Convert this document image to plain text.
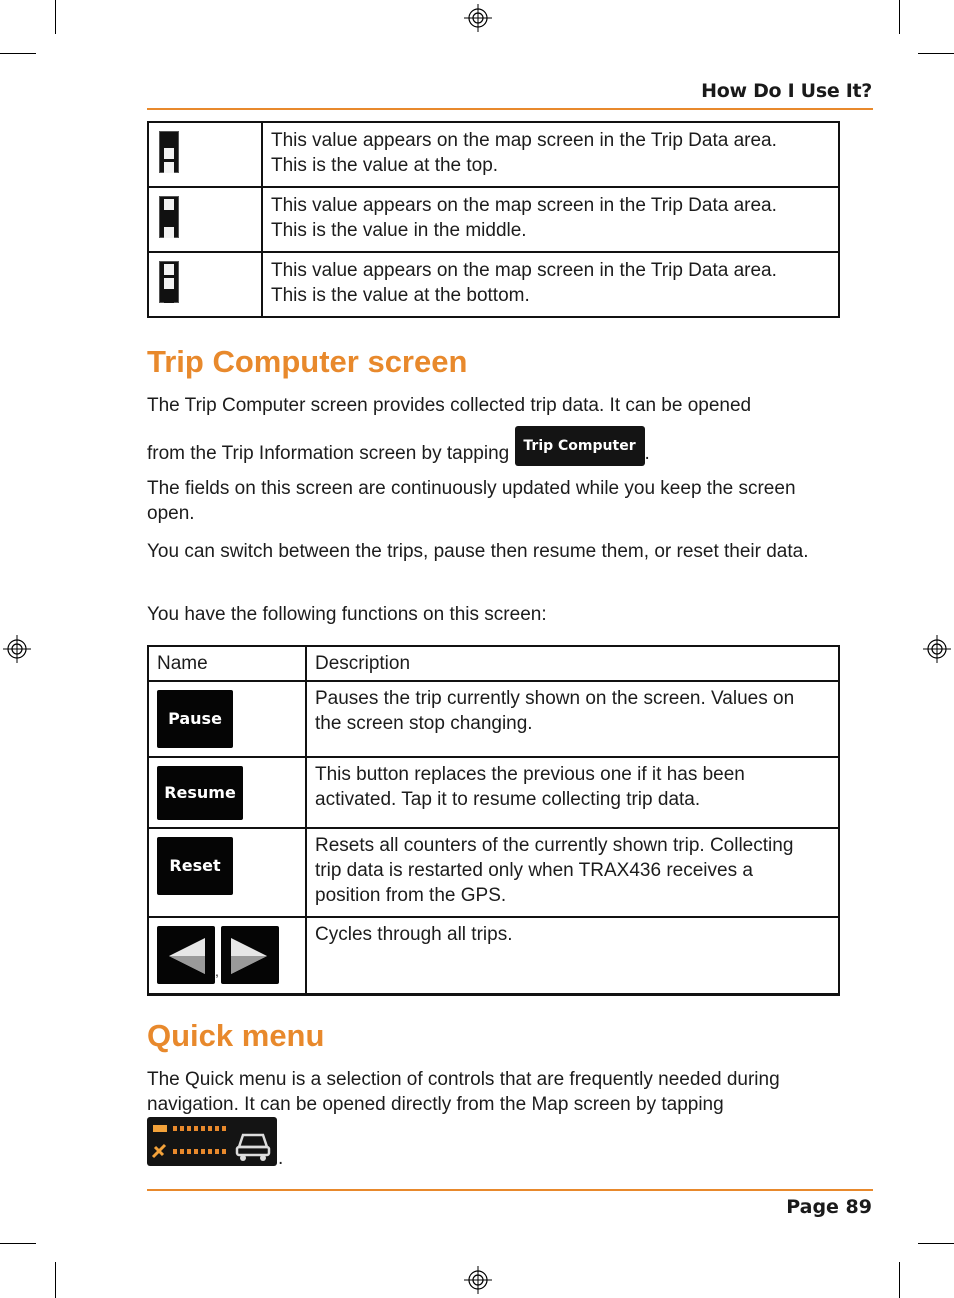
How Do I Use It?

	This value appears on the map screen in the Trip Data area.
This is the value at the top.

	This value appears on the map screen in the Trip Data area.
This is the value in the middle.

	This value appears on the map screen in the Trip Data area.
This is the value at the bottom.
Trip Computer screen
The Trip Computer screen provides collected trip data. It can be opened
from the Trip Information screen by tapping Trip Computer .
The fields on this screen are continuously updated while you keep the screen open.
You can switch between the trips, pause then resume them, or reset their data.
You have the following functions on this screen:
Name	Description
Pause	Pauses the trip currently shown on the screen. Values on the screen stop changing.
Resume	This button replaces the previous one if it has been activated. Tap it to resume collecting trip data.
Reset	Resets all counters of the currently shown trip. Collecting trip data is restarted only when TRAX436 receives a position from the GPS.
,	Cycles through all trips.
Quick menu
The Quick menu is a selection of controls that are frequently needed during navigation. It can be opened directly from the Map screen by tapping
.
Page 89
